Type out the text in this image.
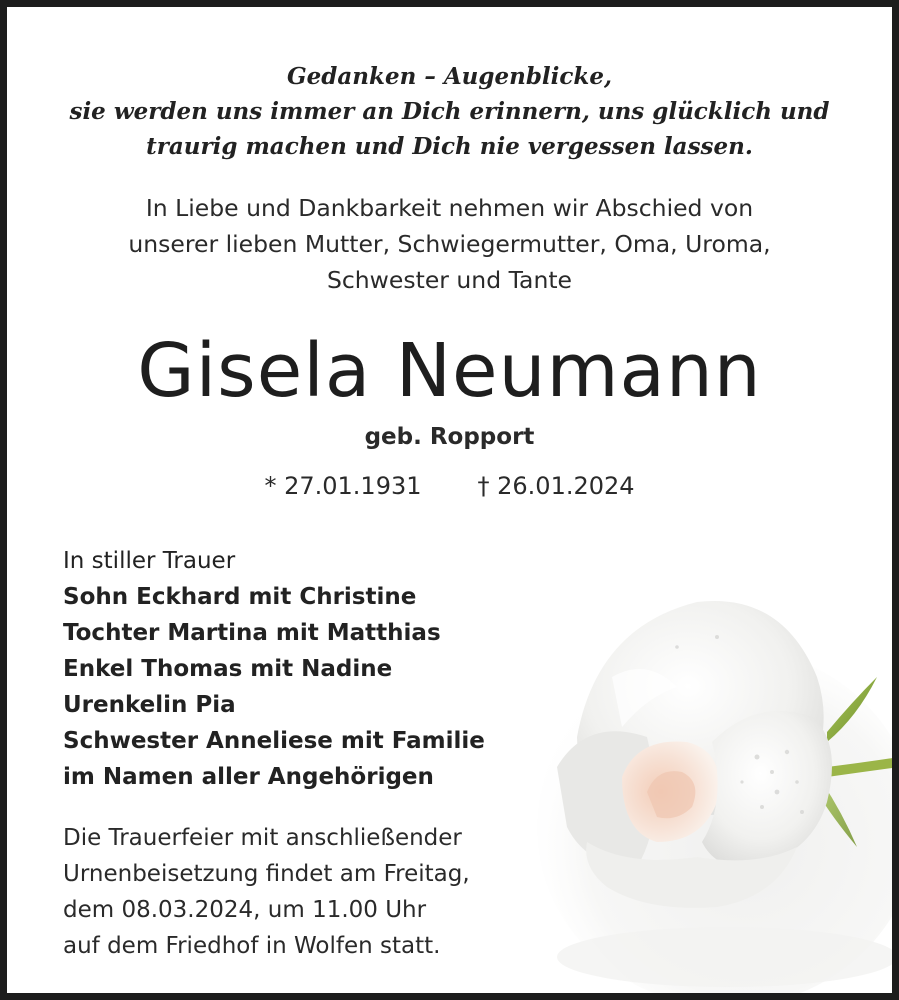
Gedanken – Augenblicke,
sie werden uns immer an Dich erinnern, uns glücklich und
traurig machen und Dich nie vergessen lassen.
In Liebe und Dankbarkeit nehmen wir Abschied von
unserer lieben Mutter, Schwiegermutter, Oma, Uroma,
Schwester und Tante
Gisela Neumann
geb. Ropport
* 27.01.1931 † 26.01.2024
In stiller Trauer
Sohn Eckhard mit Christine
Tochter Martina mit Matthias
Enkel Thomas mit Nadine
Urenkelin Pia
Schwester Anneliese mit Familie
im Namen aller Angehörigen
Die Trauerfeier mit anschließender
Urnenbeisetzung findet am Freitag,
dem 08.03.2024, um 11.00 Uhr
auf dem Friedhof in Wolfen statt.
